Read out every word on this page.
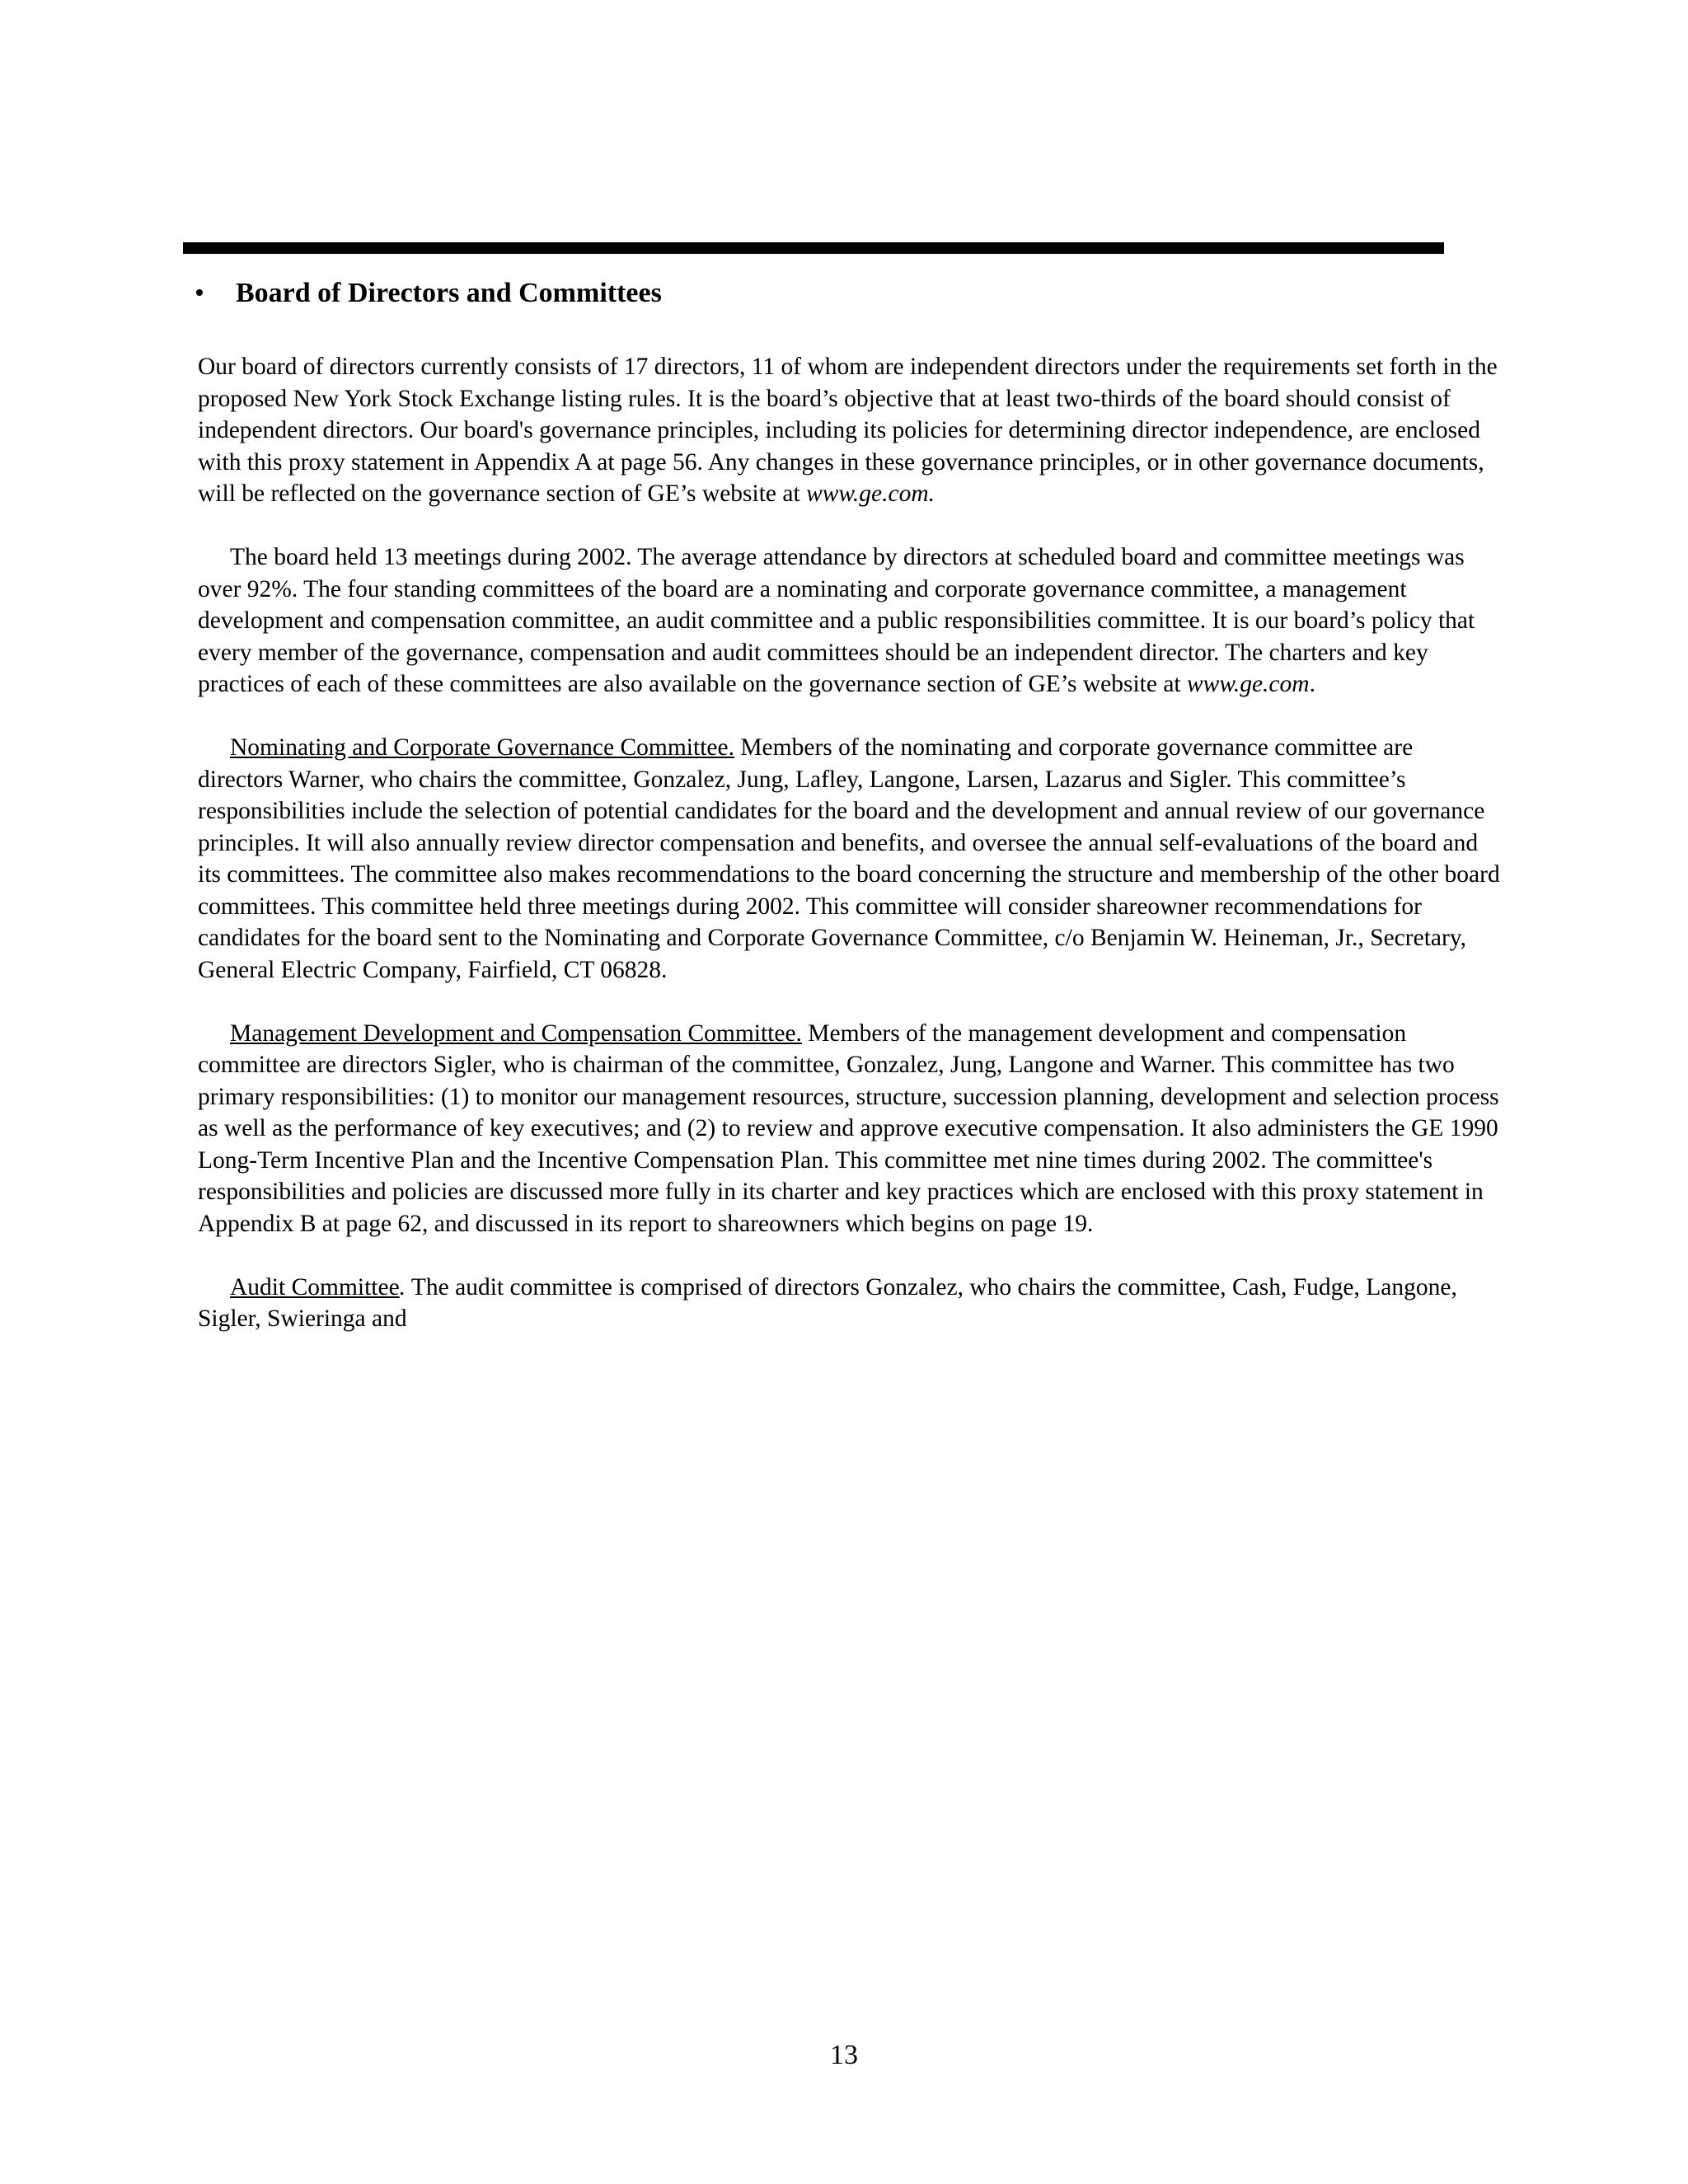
• Board of Directors and Committees

Our board of directors currently consists of 17 directors, 11 of whom are independent directors under the requirements set forth in the proposed New York Stock Exchange listing rules. It is the board’s objective that at least two-thirds of the board should consist of independent directors. Our board's governance principles, including its policies for determining director independence, are enclosed with this proxy statement in Appendix A at page 56. Any changes in these governance principles, or in other governance documents, will be reflected on the governance section of GE’s website at www.ge.com.

The board held 13 meetings during 2002. The average attendance by directors at scheduled board and committee meetings was over 92%. The four standing committees of the board are a nominating and corporate governance committee, a management development and compensation committee, an audit committee and a public responsibilities committee. It is our board’s policy that every member of the governance, compensation and audit committees should be an independent director. The charters and key practices of each of these committees are also available on the governance section of GE’s website at www.ge.com.

Nominating and Corporate Governance Committee. Members of the nominating and corporate governance committee are directors Warner, who chairs the committee, Gonzalez, Jung, Lafley, Langone, Larsen, Lazarus and Sigler. This committee’s responsibilities include the selection of potential candidates for the board and the development and annual review of our governance principles. It will also annually review director compensation and benefits, and oversee the annual self-evaluations of the board and its committees. The committee also makes recommendations to the board concerning the structure and membership of the other board committees. This committee held three meetings during 2002. This committee will consider shareowner recommendations for candidates for the board sent to the Nominating and Corporate Governance Committee, c/o Benjamin W. Heineman, Jr., Secretary, General Electric Company, Fairfield, CT 06828.

Management Development and Compensation Committee. Members of the management development and compensation committee are directors Sigler, who is chairman of the committee, Gonzalez, Jung, Langone and Warner. This committee has two primary responsibilities: (1) to monitor our management resources, structure, succession planning, development and selection process as well as the performance of key executives; and (2) to review and approve executive compensation. It also administers the GE 1990 Long-Term Incentive Plan and the Incentive Compensation Plan. This committee met nine times during 2002. The committee's responsibilities and policies are discussed more fully in its charter and key practices which are enclosed with this proxy statement in Appendix B at page 62, and discussed in its report to shareowners which begins on page 19.

Audit Committee. The audit committee is comprised of directors Gonzalez, who chairs the committee, Cash, Fudge, Langone, Sigler, Swieringa and

13
